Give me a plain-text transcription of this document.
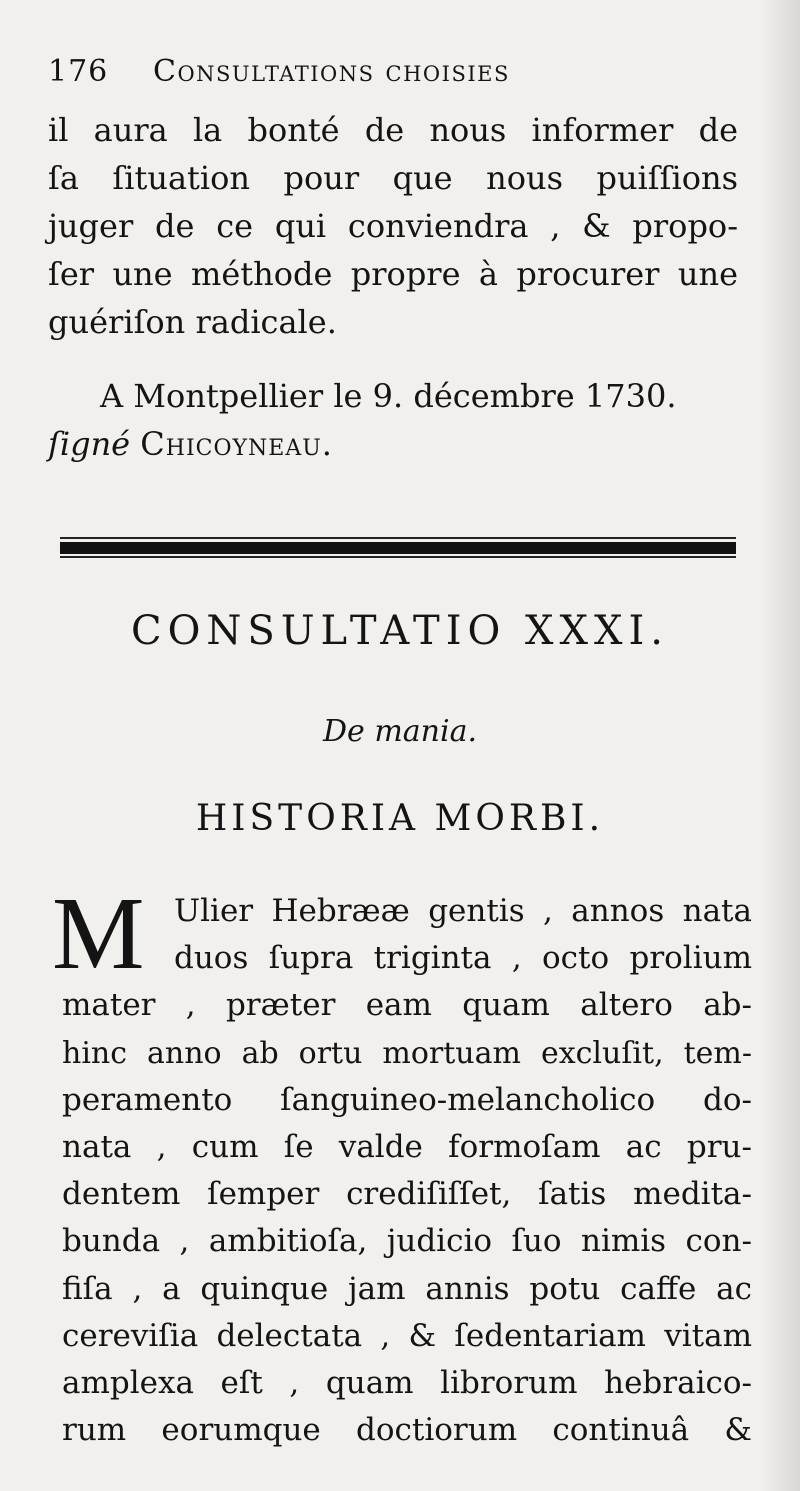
176	Consultations choisies
il aura la bonté de nous informer de
ſa ſituation pour que nous puiſſions
juger de ce qui conviendra , & propo-
ſer une méthode propre à procurer une
guériſon radicale.
A Montpellier le 9. décembre 1730.
ſigné Chicoyneau.
CONSULTATIO XXXI.
De mania.
HISTORIA MORBI.
M Ulier Hebrææ gentis , annos nata
duos ſupra triginta , octo prolium
mater , præter eam quam altero ab-
hinc anno ab ortu mortuam excluſit, tem-
peramento ſanguineo-melancholico do-
nata , cum ſe valde formoſam ac pru-
dentem ſemper crediſiſſet, ſatis medita-
bunda , ambitioſa, judicio ſuo nimis con-
fiſa , a quinque jam annis potu caffe ac
cereviſia delectata , & ſedentariam vitam
amplexa eſt , quam librorum hebraico-
rum eorumque doctiorum continuâ &
